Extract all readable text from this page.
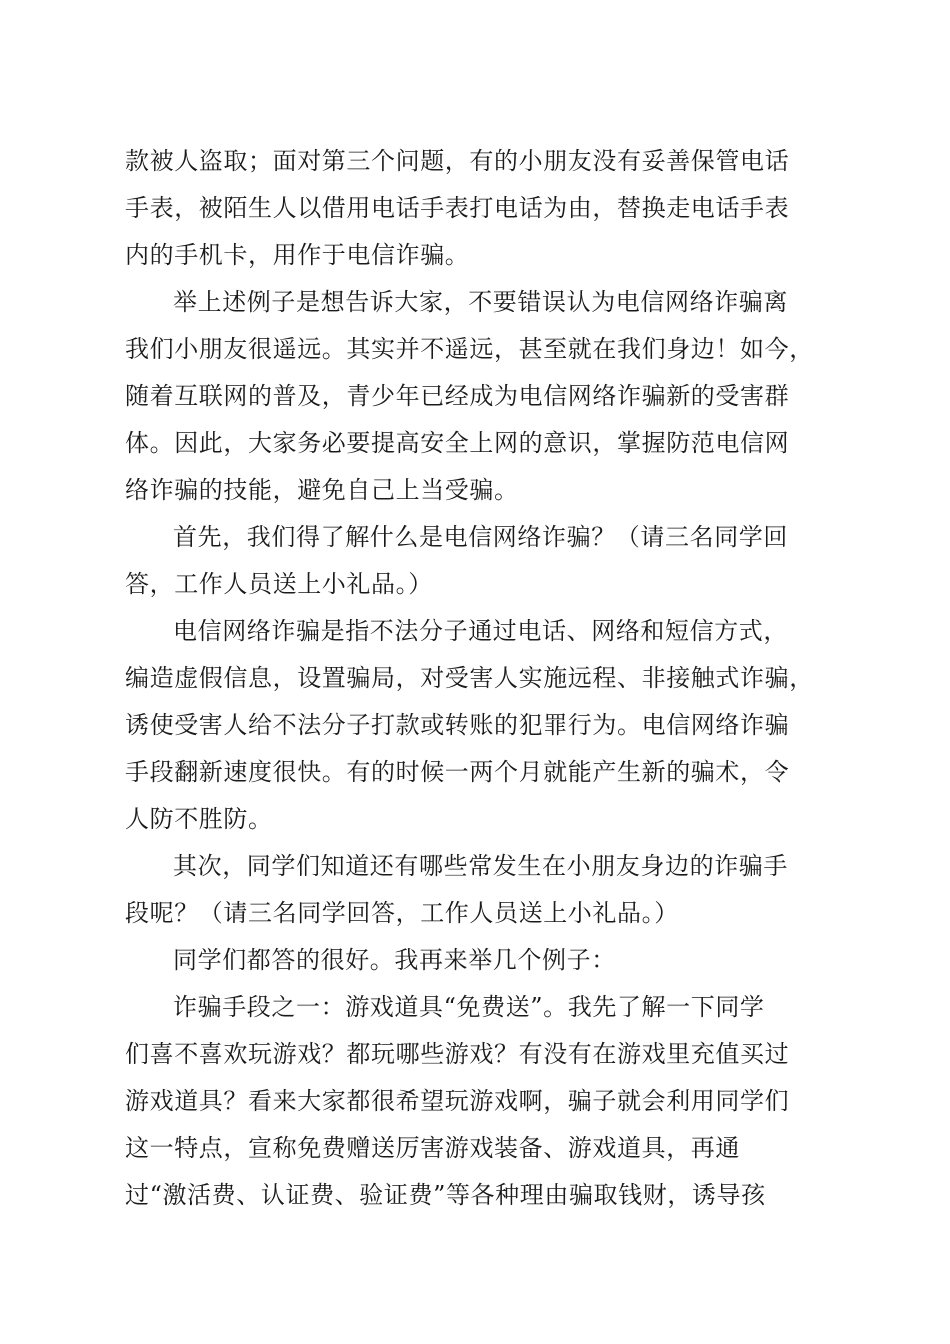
款被人盗取；面对第三个问题，有的小朋友没有妥善保管电话
手表，被陌生人以借用电话手表打电话为由，替换走电话手表
内的手机卡，用作于电信诈骗。
举上述例子是想告诉大家，不要错误认为电信网络诈骗离
我们小朋友很遥远。其实并不遥远，甚至就在我们身边！如今，
随着互联网的普及，青少年已经成为电信网络诈骗新的受害群
体。因此，大家务必要提高安全上网的意识，掌握防范电信网
络诈骗的技能，避免自己上当受骗。
首先，我们得了解什么是电信网络诈骗？（请三名同学回
答，工作人员送上小礼品。）
电信网络诈骗是指不法分子通过电话、网络和短信方式，
编造虚假信息，设置骗局，对受害人实施远程、非接触式诈骗，
诱使受害人给不法分子打款或转账的犯罪行为。电信网络诈骗
手段翻新速度很快。有的时候一两个月就能产生新的骗术，令
人防不胜防。
其次，同学们知道还有哪些常发生在小朋友身边的诈骗手
段呢？（请三名同学回答，工作人员送上小礼品。）
同学们都答的很好。我再来举几个例子：
诈骗手段之一：游戏道具“免费送”。我先了解一下同学
们喜不喜欢玩游戏？都玩哪些游戏？有没有在游戏里充值买过
游戏道具？看来大家都很希望玩游戏啊，骗子就会利用同学们
这一特点，宣称免费赠送厉害游戏装备、游戏道具，再通
过“激活费、认证费、验证费”等各种理由骗取钱财，诱导孩
